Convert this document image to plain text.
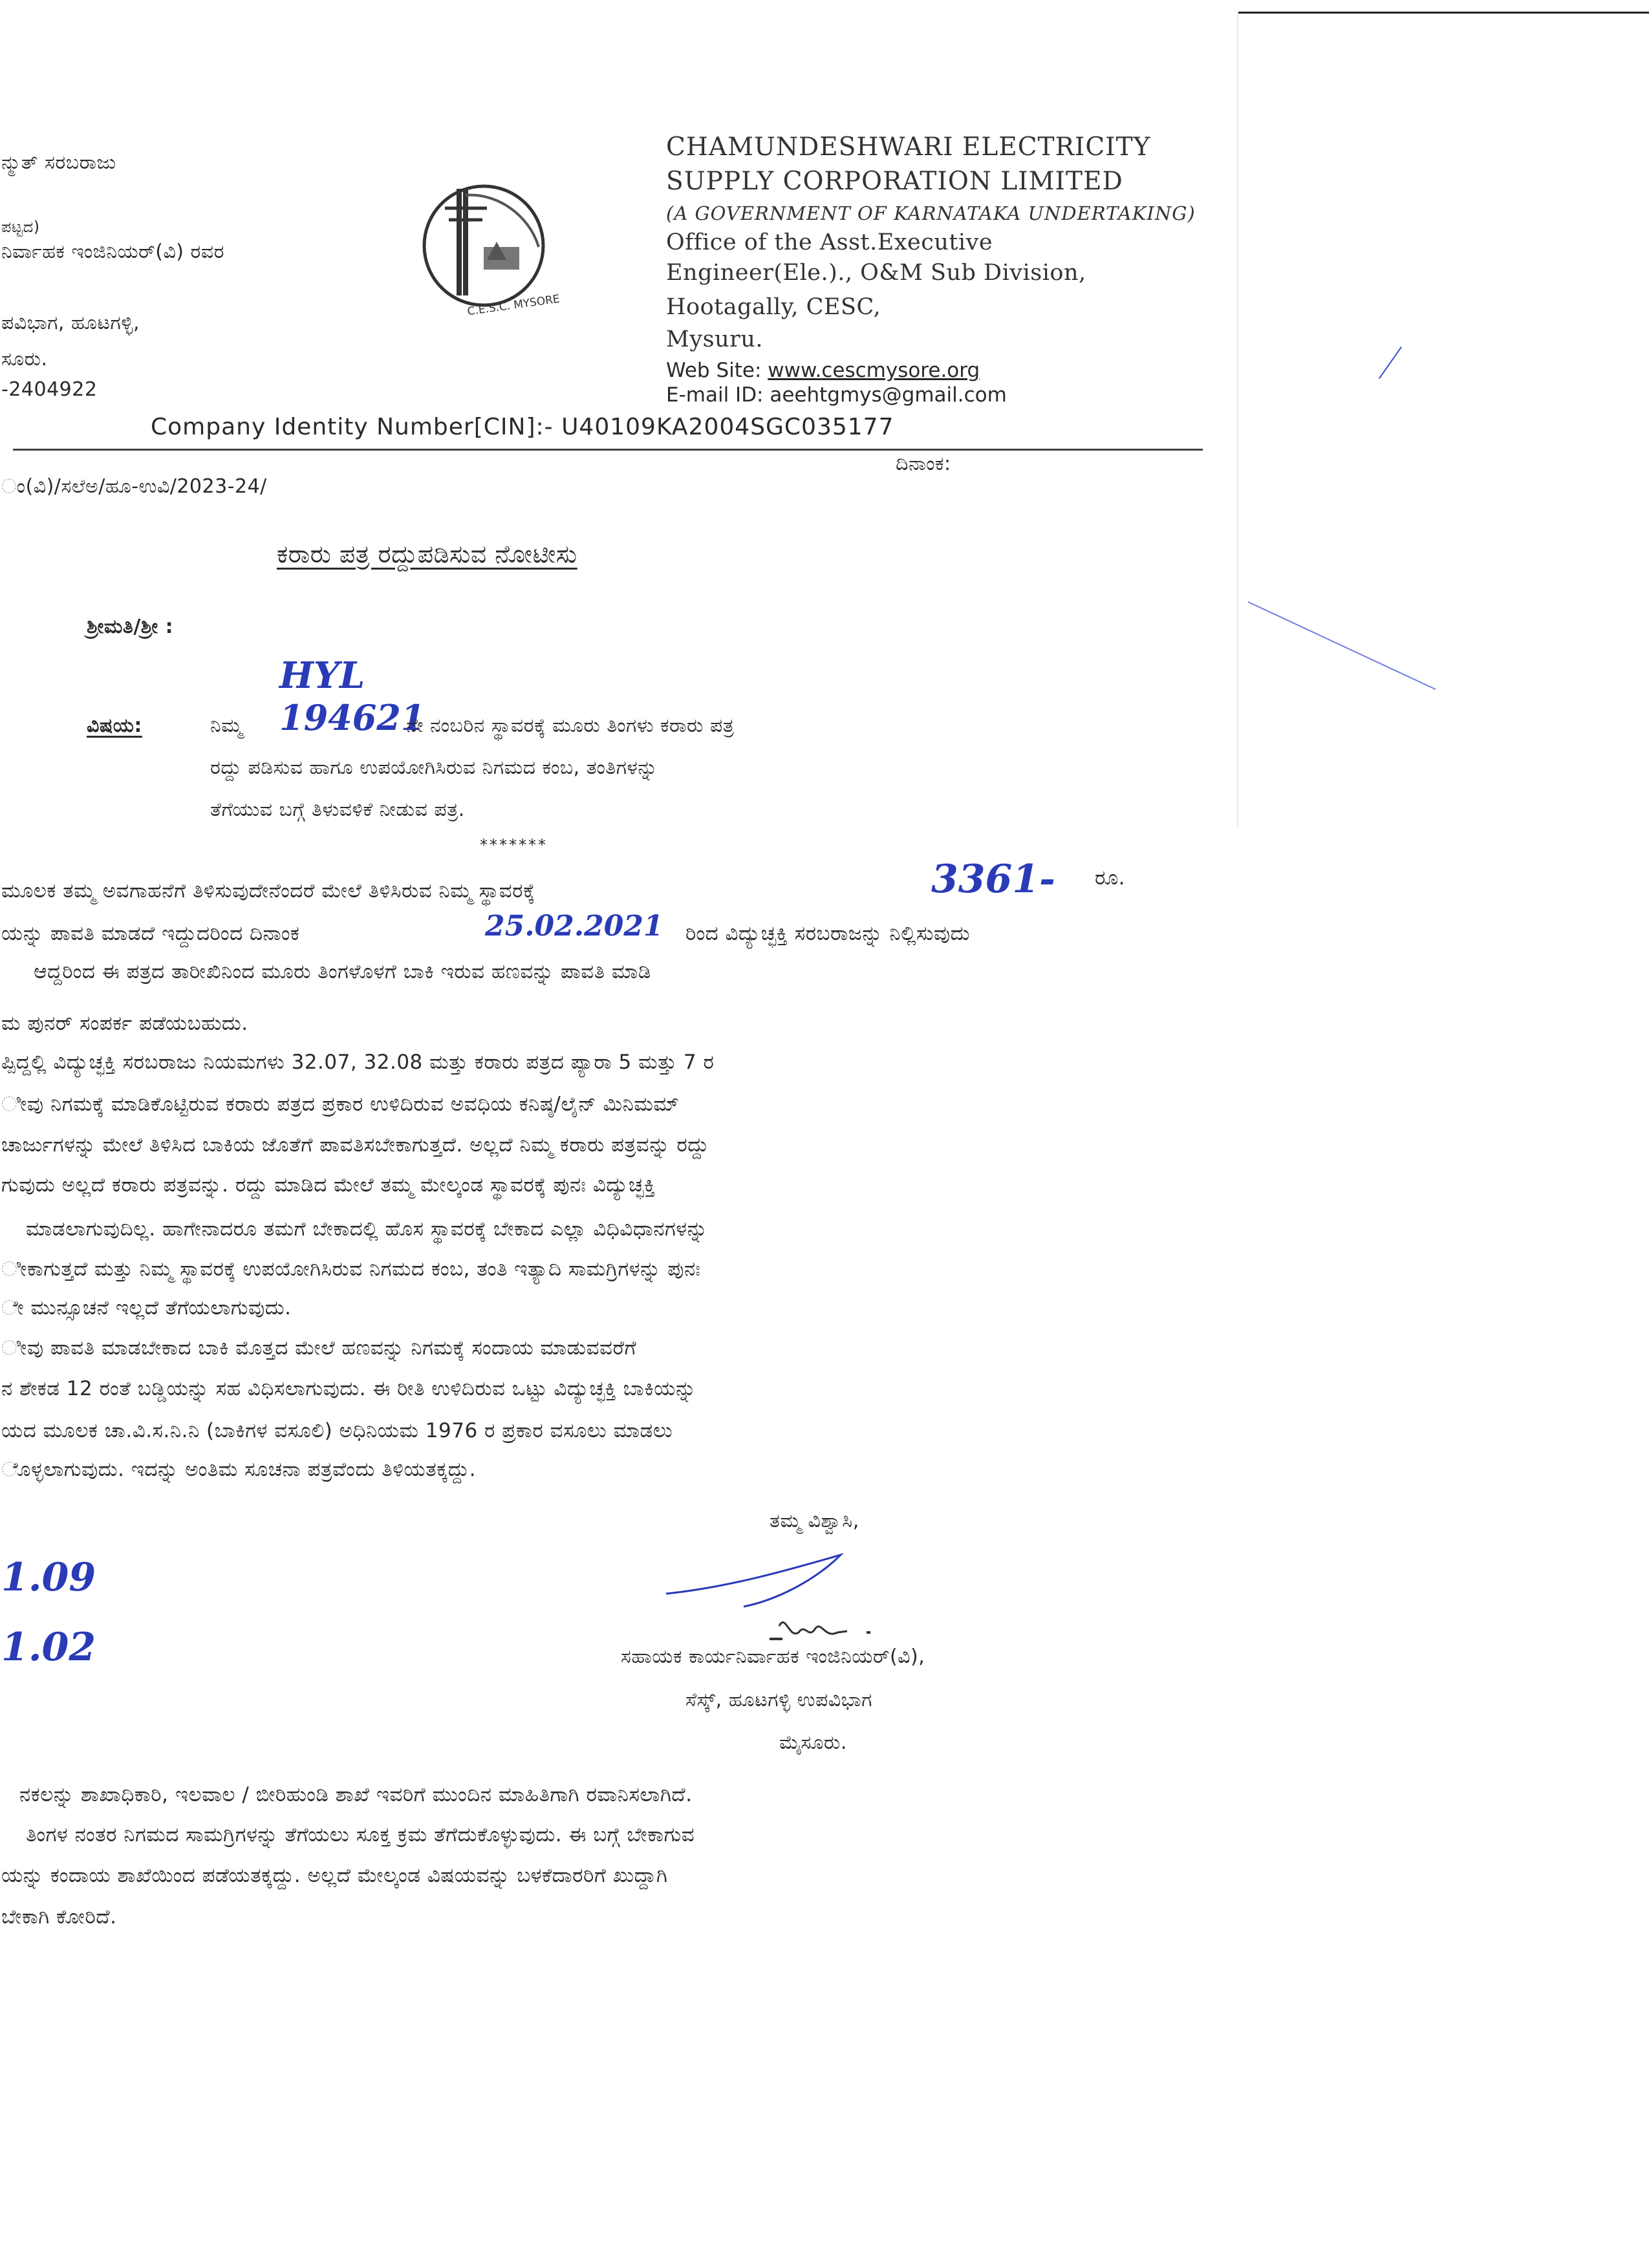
ನ್ಮುತ್ ಸರಬರಾಜು
ಪಟ್ಟದ)
ನಿರ್ವಾಹಕ ಇಂಜಿನಿಯರ್(ವಿ) ರವರ
ಪವಿಭಾಗ, ಹೂಟಗಳ್ಳಿ,
ಸೂರು.
-2404922
C.E.S.C. MYSORE
CHAMUNDESHWARI ELECTRICITY
SUPPLY CORPORATION LIMITED
(A GOVERNMENT OF KARNATAKA UNDERTAKING)
Office of the Asst.Executive
Engineer(Ele.)., O&M Sub Division,
Hootagally, CESC,
Mysuru.
Web Site: www.cescmysore.org
E-mail ID: aeehtgmys@gmail.com
Company Identity Number[CIN]:- U40109KA2004SGC035177
ಂ(ವಿ)/ಸಲೆಅ/ಹೂ-ಉವಿ/2023-24/
ದಿನಾಂಕ:
ಕರಾರು ಪತ್ರ ರದ್ದುಪಡಿಸುವ ನೋಟೀಸು
ಶ್ರೀಮತಿ/ಶ್ರೀ :
HYL
ವಿಷಯ:	ನಿಮ್ಮ 194621
ನೇ ನಂಬರಿನ ಸ್ಥಾವರಕ್ಕೆ ಮೂರು ತಿಂಗಳು ಕರಾರು ಪತ್ರ
ರದ್ದು ಪಡಿಸುವ ಹಾಗೂ ಉಪಯೋಗಿಸಿರುವ ನಿಗಮದ ಕಂಬ, ತಂತಿಗಳನ್ನು
ತೆಗೆಯುವ ಬಗ್ಗೆ ತಿಳುವಳಿಕೆ ನೀಡುವ ಪತ್ರ.
*******
ಮೂಲಕ ತಮ್ಮ ಅವಗಾಹನೆಗೆ ತಿಳಿಸುವುದೇನೆಂದರೆ ಮೇಲೆ ತಿಳಿಸಿರುವ ನಿಮ್ಮ ಸ್ಥಾವರಕ್ಕೆ	3361- ರೂ.
ಯನ್ನು ಪಾವತಿ ಮಾಡದೆ ಇದ್ದುದರಿಂದ ದಿನಾಂಕ	25.02.2021 ರಿಂದ ವಿದ್ಯುಚ್ಛಕ್ತಿ ಸರಬರಾಜನ್ನು ನಿಲ್ಲಿಸುವುದು
ಆದ್ದರಿಂದ ಈ ಪತ್ರದ ತಾರೀಖಿನಿಂದ ಮೂರು ತಿಂಗಳೊಳಗೆ ಬಾಕಿ ಇರುವ ಹಣವನ್ನು ಪಾವತಿ ಮಾಡಿ
ಮ ಪುನರ್ ಸಂಪರ್ಕ ಪಡೆಯಬಹುದು.
ಪ್ಪಿದ್ದಲ್ಲಿ ವಿದ್ಯುಚ್ಛಕ್ತಿ ಸರಬರಾಜು ನಿಯಮಗಳು 32.07, 32.08 ಮತ್ತು ಕರಾರು ಪತ್ರದ ಪ್ಯಾರಾ 5 ಮತ್ತು 7 ರ
ೀವು ನಿಗಮಕ್ಕೆ ಮಾಡಿಕೊಟ್ಟಿರುವ ಕರಾರು ಪತ್ರದ ಪ್ರಕಾರ ಉಳಿದಿರುವ ಅವಧಿಯ ಕನಿಷ್ಠ/ಲೈನ್ ಮಿನಿಮಮ್
ಚಾರ್ಜುಗಳನ್ನು ಮೇಲೆ ತಿಳಿಸಿದ ಬಾಕಿಯ ಜೊತೆಗೆ ಪಾವತಿಸಬೇಕಾಗುತ್ತದೆ. ಅಲ್ಲದೆ ನಿಮ್ಮ ಕರಾರು ಪತ್ರವನ್ನು ರದ್ದು
ಗುವುದು ಅಲ್ಲದೆ ಕರಾರು ಪತ್ರವನ್ನು. ರದ್ದು ಮಾಡಿದ ಮೇಲೆ ತಮ್ಮ ಮೇಲ್ಕಂಡ ಸ್ಥಾವರಕ್ಕೆ ಪುನಃ ವಿದ್ಯುಚ್ಛಕ್ತಿ
ಮಾಡಲಾಗುವುದಿಲ್ಲ. ಹಾಗೇನಾದರೂ ತಮಗೆ ಬೇಕಾದಲ್ಲಿ ಹೊಸ ಸ್ಥಾವರಕ್ಕೆ ಬೇಕಾದ ಎಲ್ಲಾ ವಿಧಿವಿಧಾನಗಳನ್ನು
ೀಕಾಗುತ್ತದೆ ಮತ್ತು ನಿಮ್ಮ ಸ್ಥಾವರಕ್ಕೆ ಉಪಯೋಗಿಸಿರುವ ನಿಗಮದ ಕಂಬ, ತಂತಿ ಇತ್ಯಾದಿ ಸಾಮಗ್ರಿಗಳನ್ನು ಪುನಃ
ೇ ಮುನ್ಸೂಚನೆ ಇಲ್ಲದೆ ತೆಗೆಯಲಾಗುವುದು.
ೀವು ಪಾವತಿ ಮಾಡಬೇಕಾದ ಬಾಕಿ ಮೊತ್ತದ ಮೇಲೆ ಹಣವನ್ನು ನಿಗಮಕ್ಕೆ ಸಂದಾಯ ಮಾಡುವವರೆಗೆ
ನ ಶೇಕಡ 12 ರಂತೆ ಬಡ್ಡಿಯನ್ನು ಸಹ ವಿಧಿಸಲಾಗುವುದು. ಈ ರೀತಿ ಉಳಿದಿರುವ ಒಟ್ಟು ವಿದ್ಯುಚ್ಛಕ್ತಿ ಬಾಕಿಯನ್ನು
ಯದ ಮೂಲಕ ಚಾ.ವಿ.ಸ.ನಿ.ನಿ (ಬಾಕಿಗಳ ವಸೂಲಿ) ಅಧಿನಿಯಮ 1976 ರ ಪ್ರಕಾರ ವಸೂಲು ಮಾಡಲು
ೊಳ್ಳಲಾಗುವುದು. ಇದನ್ನು ಅಂತಿಮ ಸೂಚನಾ ಪತ್ರವೆಂದು ತಿಳಿಯತಕ್ಕದ್ದು.
ತಮ್ಮ ವಿಶ್ವಾಸಿ,
1.09
1.02	ಸಹಾಯಕ ಕಾರ್ಯನಿರ್ವಾಹಕ ಇಂಜಿನಿಯರ್(ವಿ),
ಸೆಸ್ಕ್, ಹೂಟಗಳ್ಳಿ ಉಪವಿಭಾಗ
ಮೈಸೂರು.
ನಕಲನ್ನು ಶಾಖಾಧಿಕಾರಿ, ಇಲವಾಲ / ಬೀರಿಹುಂಡಿ ಶಾಖೆ ಇವರಿಗೆ ಮುಂದಿನ ಮಾಹಿತಿಗಾಗಿ ರವಾನಿಸಲಾಗಿದೆ.
ತಿಂಗಳ ನಂತರ ನಿಗಮದ ಸಾಮಗ್ರಿಗಳನ್ನು ತೆಗೆಯಲು ಸೂಕ್ತ ಕ್ರಮ ತೆಗೆದುಕೊಳ್ಳುವುದು. ಈ ಬಗ್ಗೆ ಬೇಕಾಗುವ
ಯನ್ನು ಕಂದಾಯ ಶಾಖೆಯಿಂದ ಪಡೆಯತಕ್ಕದ್ದು. ಅಲ್ಲದೆ ಮೇಲ್ಕಂಡ ವಿಷಯವನ್ನು ಬಳಕೆದಾರರಿಗೆ ಖುದ್ದಾಗಿ
ಬೇಕಾಗಿ ಕೋರಿದೆ.
